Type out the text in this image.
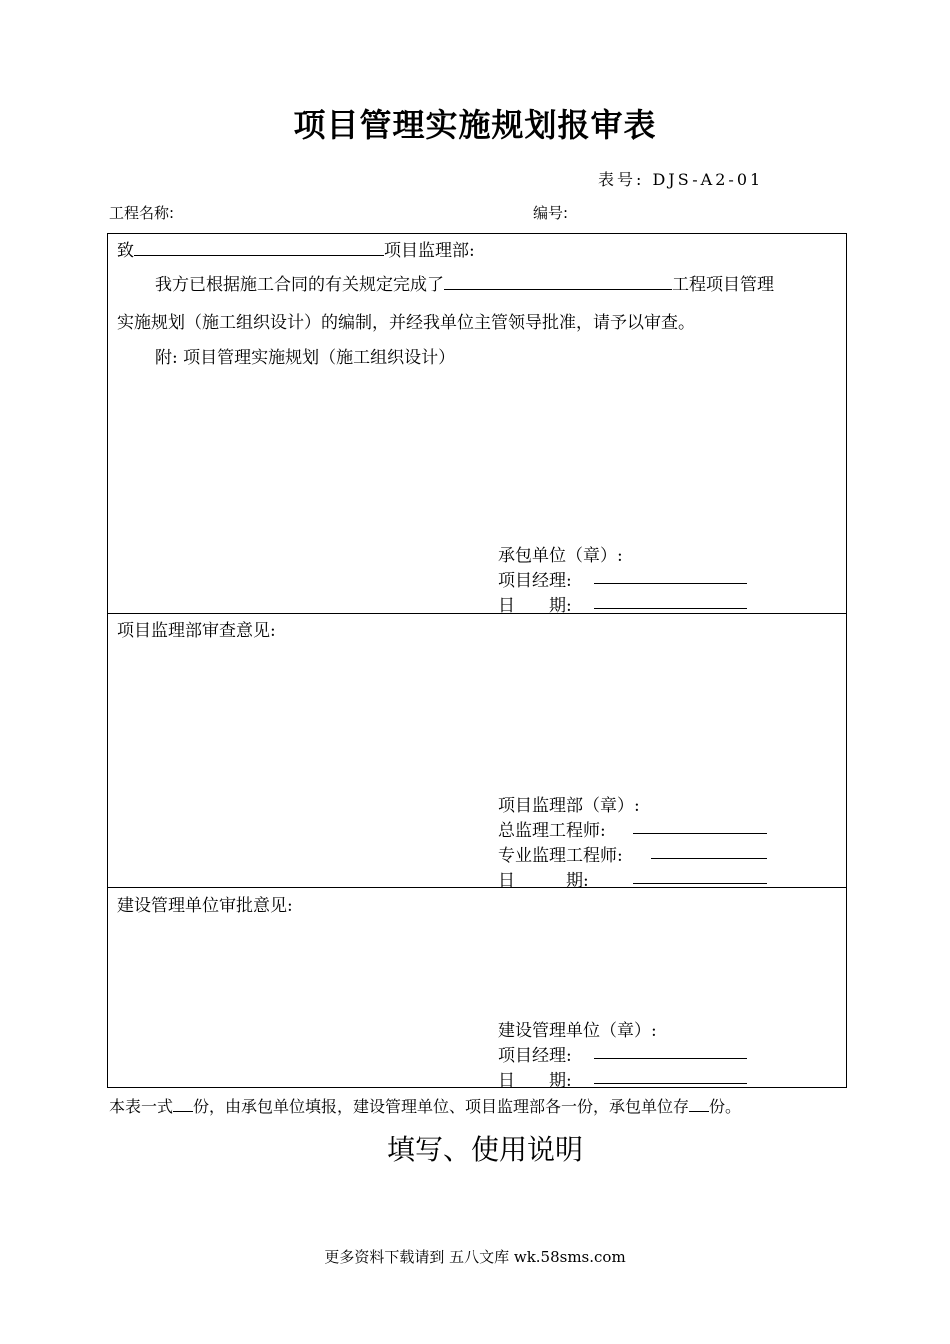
项目管理实施规划报审表
表号: DJS-A2-01
工程名称:	编号:
致	项目监理部:
我方已根据施工合同的有关规定完成了	工程项目管理
实施规划（施工组织设计）的编制，并经我单位主管领导批准，请予以审查。
附: 项目管理实施规划（施工组织设计）
承包单位（章）:
项目经理:
日　　期:
项目监理部审查意见:
项目监理部（章）:
总监理工程师:
专业监理工程师:
日　　　期:
建设管理单位审批意见:
建设管理单位（章）:
项目经理:
日　　期:
本表一式 份，由承包单位填报，建设管理单位、项目监理部各一份，承包单位存 份。
填写、使用说明
更多资料下载请到 五八文库 wk.58sms.com
